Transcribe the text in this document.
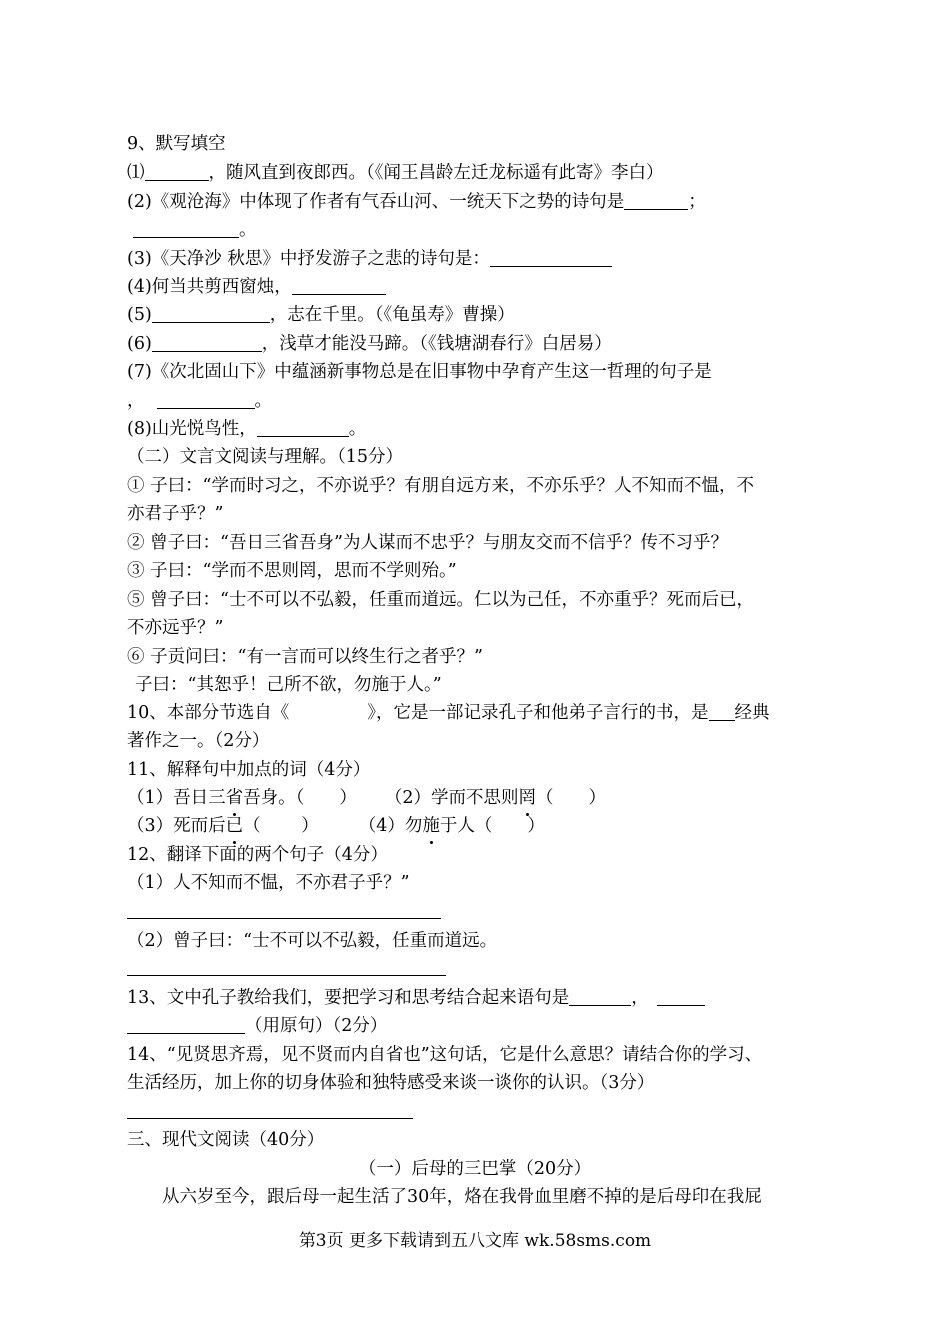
9、默写填空
⑴	，随风直到夜郎西。（《闻王昌龄左迁龙标遥有此寄》李白）
(2)《观沧海》中体现了作者有气吞山河、一统天下之势的诗句是	；
。
(3)《天净沙 秋思》中抒发游子之悲的诗句是：
(4)何当共剪西窗烛，
(5)	，志在千里。（《龟虽寿》曹操）
(6)	，浅草才能没马蹄。（《钱塘湖春行》白居易）
(7)《次北固山下》中蕴涵新事物总是在旧事物中孕育产生这一哲理的句子是
，	。
(8)山光悦鸟性，	。
（二）文言文阅读与理解。（15分）
① 子曰：“学而时习之，不亦说乎？有朋自远方来，不亦乐乎？人不知而不愠，不
亦君子乎？”
② 曾子曰：“吾日三省吾身”为人谋而不忠乎？与朋友交而不信乎？传不习乎？
③ 子曰：“学而不思则罔，思而不学则殆。”
⑤ 曾子曰：“士不可以不弘毅，任重而道远。仁以为己任，不亦重乎？死而后已，
不亦远乎？”
⑥ 子贡问曰：“有一言而可以终生行之者乎？”
子曰：“其恕乎！己所不欲，勿施于人。”
10、本部分节选自《	》，它是一部记录孔子和他弟子言行的书，是 经典
著作之一。（2分）
11、解释句中加点的词（4分）
（1）吾日三省吾身。（　　） （2）学而不思则罔（　　）
（3）死而后已（　　 ） （4）勿施于人（　　）
12、翻译下面的两个句子（4分）
（1）人不知而不愠，不亦君子乎？”
（2）曾子曰：“士不可以不弘毅，任重而道远。
13、文中孔子教给我们，要把学习和思考结合起来语句是	，
（用原句）（2分）
14、“见贤思齐焉，见不贤而内自省也”这句话，它是什么意思？请结合你的学习、
生活经历，加上你的切身体验和独特感受来谈一谈你的认识。（3分）
三、现代文阅读（40分）
（一）后母的三巴掌（20分）
从六岁至今，跟后母一起生活了30年，烙在我骨血里磨不掉的是后母印在我屁
第3页 更多下载请到五八文库 wk.58sms.com
